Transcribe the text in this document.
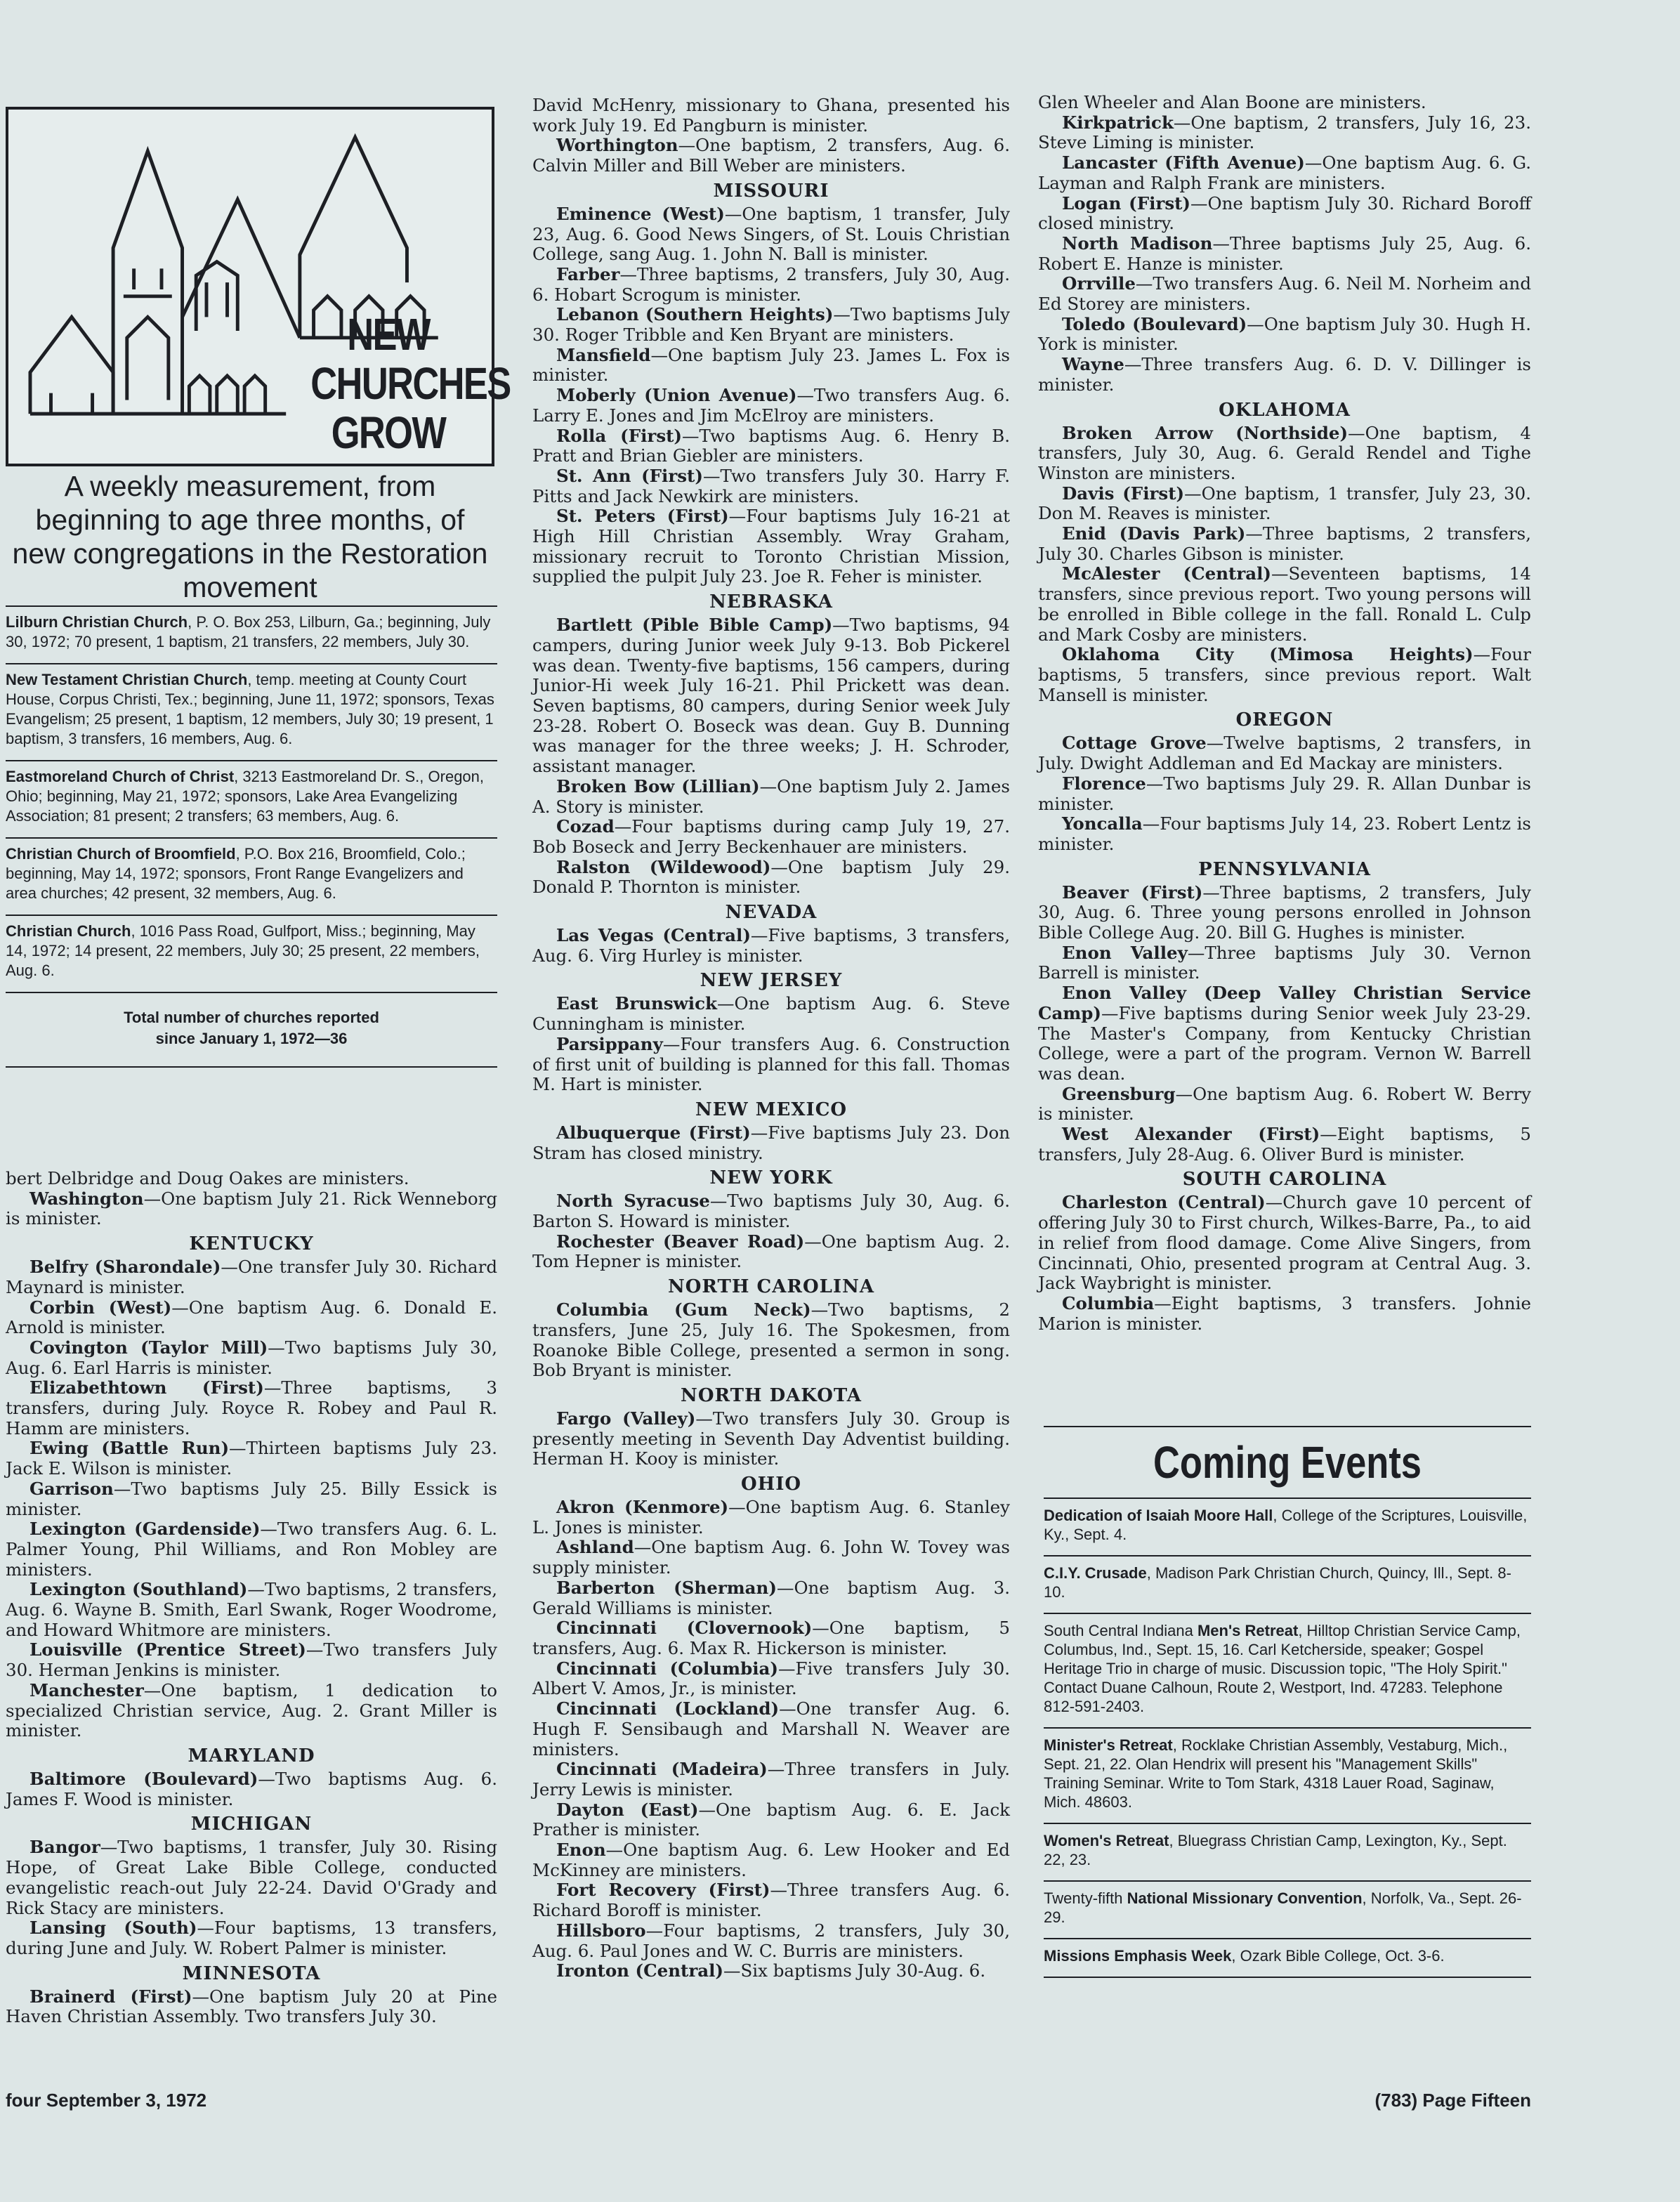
NEW
CHURCHES
GROW
A weekly measurement, from beginning to age three months, of new congregations in the Restoration movement
Lilburn Christian Church, P. O. Box 253, Lilburn, Ga.; beginning, July 30, 1972; 70 present, 1 baptism, 21 transfers, 22 members, July 30.
New Testament Christian Church, temp. meeting at County Court House, Corpus Christi, Tex.; beginning, June 11, 1972; sponsors, Texas Evangelism; 25 present, 1 baptism, 12 members, July 30; 19 present, 1 baptism, 3 transfers, 16 members, Aug. 6.
Eastmoreland Church of Christ, 3213 Eastmoreland Dr. S., Oregon, Ohio; beginning, May 21, 1972; sponsors, Lake Area Evangelizing Association; 81 present; 2 transfers; 63 members, Aug. 6.
Christian Church of Broomfield, P.O. Box 216, Broomfield, Colo.; beginning, May 14, 1972; sponsors, Front Range Evangelizers and area churches; 42 present, 32 members, Aug. 6.
Christian Church, 1016 Pass Road, Gulfport, Miss.; beginning, May 14, 1972; 14 present, 22 members, July 30; 25 present, 22 members, Aug. 6.
Total number of churches reported
since January 1, 1972—36

bert Delbridge and Doug Oakes are ministers.

Washington—One baptism July 21. Rick Wenneborg is minister.

KENTUCKY

Belfry (Sharondale)—One transfer July 30. Richard Maynard is minister.

Corbin (West)—One baptism Aug. 6. Donald E. Arnold is minister.

Covington (Taylor Mill)—Two baptisms July 30, Aug. 6. Earl Harris is minister.

Elizabethtown (First)—Three baptisms, 3 transfers, during July. Royce R. Robey and Paul R. Hamm are ministers.

Ewing (Battle Run)—Thirteen baptisms July 23. Jack E. Wilson is minister.

Garrison—Two baptisms July 25. Billy Essick is minister.

Lexington (Gardenside)—Two transfers Aug. 6. L. Palmer Young, Phil Williams, and Ron Mobley are ministers.

Lexington (Southland)—Two baptisms, 2 transfers, Aug. 6. Wayne B. Smith, Earl Swank, Roger Woodrome, and Howard Whitmore are ministers.

Louisville (Prentice Street)—Two transfers July 30. Herman Jenkins is minister.

Manchester—One baptism, 1 dedication to specialized Christian service, Aug. 2. Grant Miller is minister.

MARYLAND

Baltimore (Boulevard)—Two baptisms Aug. 6. James F. Wood is minister.

MICHIGAN

Bangor—Two baptisms, 1 transfer, July 30. Rising Hope, of Great Lake Bible College, conducted evangelistic reach-out July 22-24. David O'Grady and Rick Stacy are ministers.

Lansing (South)—Four baptisms, 13 transfers, during June and July. W. Robert Palmer is minister.

MINNESOTA

Brainerd (First)—One baptism July 20 at Pine Haven Christian Assembly. Two transfers July 30.

David McHenry, missionary to Ghana, presented his work July 19. Ed Pangburn is minister.

Worthington—One baptism, 2 transfers, Aug. 6. Calvin Miller and Bill Weber are ministers.

MISSOURI

Eminence (West)—One baptism, 1 transfer, July 23, Aug. 6. Good News Singers, of St. Louis Christian College, sang Aug. 1. John N. Ball is minister.

Farber—Three baptisms, 2 transfers, July 30, Aug. 6. Hobart Scrogum is minister.

Lebanon (Southern Heights)—Two baptisms July 30. Roger Tribble and Ken Bryant are ministers.

Mansfield—One baptism July 23. James L. Fox is minister.

Moberly (Union Avenue)—Two transfers Aug. 6. Larry E. Jones and Jim McElroy are ministers.

Rolla (First)—Two baptisms Aug. 6. Henry B. Pratt and Brian Giebler are ministers.

St. Ann (First)—Two transfers July 30. Harry F. Pitts and Jack Newkirk are ministers.

St. Peters (First)—Four baptisms July 16-21 at High Hill Christian Assembly. Wray Graham, missionary recruit to Toronto Christian Mission, supplied the pulpit July 23. Joe R. Feher is minister.

NEBRASKA

Bartlett (Pible Bible Camp)—Two baptisms, 94 campers, during Junior week July 9-13. Bob Pickerel was dean. Twenty-five baptisms, 156 campers, during Junior-Hi week July 16-21. Phil Prickett was dean. Seven baptisms, 80 campers, during Senior week July 23-28. Robert O. Boseck was dean. Guy B. Dunning was manager for the three weeks; J. H. Schroder, assistant manager.

Broken Bow (Lillian)—One baptism July 2. James A. Story is minister.

Cozad—Four baptisms during camp July 19, 27. Bob Boseck and Jerry Beckenhauer are ministers.

Ralston (Wildewood)—One baptism July 29. Donald P. Thornton is minister.

NEVADA

Las Vegas (Central)—Five baptisms, 3 transfers, Aug. 6. Virg Hurley is minister.

NEW JERSEY

East Brunswick—One baptism Aug. 6. Steve Cunningham is minister.

Parsippany—Four transfers Aug. 6. Construction of first unit of building is planned for this fall. Thomas M. Hart is minister.

NEW MEXICO

Albuquerque (First)—Five baptisms July 23. Don Stram has closed ministry.

NEW YORK

North Syracuse—Two baptisms July 30, Aug. 6. Barton S. Howard is minister.

Rochester (Beaver Road)—One baptism Aug. 2. Tom Hepner is minister.

NORTH CAROLINA

Columbia (Gum Neck)—Two baptisms, 2 transfers, June 25, July 16. The Spokesmen, from Roanoke Bible College, presented a sermon in song. Bob Bryant is minister.

NORTH DAKOTA

Fargo (Valley)—Two transfers July 30. Group is presently meeting in Seventh Day Adventist building. Herman H. Kooy is minister.

OHIO

Akron (Kenmore)—One baptism Aug. 6. Stanley L. Jones is minister.

Ashland—One baptism Aug. 6. John W. Tovey was supply minister.

Barberton (Sherman)—One baptism Aug. 3. Gerald Williams is minister.

Cincinnati (Clovernook)—One baptism, 5 transfers, Aug. 6. Max R. Hickerson is minister.

Cincinnati (Columbia)—Five transfers July 30. Albert V. Amos, Jr., is minister.

Cincinnati (Lockland)—One transfer Aug. 6. Hugh F. Sensibaugh and Marshall N. Weaver are ministers.

Cincinnati (Madeira)—Three transfers in July. Jerry Lewis is minister.

Dayton (East)—One baptism Aug. 6. E. Jack Prather is minister.

Enon—One baptism Aug. 6. Lew Hooker and Ed McKinney are ministers.

Fort Recovery (First)—Three transfers Aug. 6. Richard Boroff is minister.

Hillsboro—Four baptisms, 2 transfers, July 30, Aug. 6. Paul Jones and W. C. Burris are ministers.

Ironton (Central)—Six baptisms July 30-Aug. 6.

Glen Wheeler and Alan Boone are ministers.

Kirkpatrick—One baptism, 2 transfers, July 16, 23. Steve Liming is minister.

Lancaster (Fifth Avenue)—One baptism Aug. 6. G. Layman and Ralph Frank are ministers.

Logan (First)—One baptism July 30. Richard Boroff closed ministry.

North Madison—Three baptisms July 25, Aug. 6. Robert E. Hanze is minister.

Orrville—Two transfers Aug. 6. Neil M. Norheim and Ed Storey are ministers.

Toledo (Boulevard)—One baptism July 30. Hugh H. York is minister.

Wayne—Three transfers Aug. 6. D. V. Dillinger is minister.

OKLAHOMA

Broken Arrow (Northside)—One baptism, 4 transfers, July 30, Aug. 6. Gerald Rendel and Tighe Winston are ministers.

Davis (First)—One baptism, 1 transfer, July 23, 30. Don M. Reaves is minister.

Enid (Davis Park)—Three baptisms, 2 transfers, July 30. Charles Gibson is minister.

McAlester (Central)—Seventeen baptisms, 14 transfers, since previous report. Two young persons will be enrolled in Bible college in the fall. Ronald L. Culp and Mark Cosby are ministers.

Oklahoma City (Mimosa Heights)—Four baptisms, 5 transfers, since previous report. Walt Mansell is minister.

OREGON

Cottage Grove—Twelve baptisms, 2 transfers, in July. Dwight Addleman and Ed Mackay are ministers.

Florence—Two baptisms July 29. R. Allan Dunbar is minister.

Yoncalla—Four baptisms July 14, 23. Robert Lentz is minister.

PENNSYLVANIA

Beaver (First)—Three baptisms, 2 transfers, July 30, Aug. 6. Three young persons enrolled in Johnson Bible College Aug. 20. Bill G. Hughes is minister.

Enon Valley—Three baptisms July 30. Vernon Barrell is minister.

Enon Valley (Deep Valley Christian Service Camp)—Five baptisms during Senior week July 23-29. The Master's Company, from Kentucky Christian College, were a part of the program. Vernon W. Barrell was dean.

Greensburg—One baptism Aug. 6. Robert W. Berry is minister.

West Alexander (First)—Eight baptisms, 5 transfers, July 28-Aug. 6. Oliver Burd is minister.

SOUTH CAROLINA

Charleston (Central)—Church gave 10 percent of offering July 30 to First church, Wilkes-Barre, Pa., to aid in relief from flood damage. Come Alive Singers, from Cincinnati, Ohio, presented program at Central Aug. 3. Jack Waybright is minister.

Columbia—Eight baptisms, 3 transfers. Johnie Marion is minister.

Coming Events
Dedication of Isaiah Moore Hall, College of the Scriptures, Louisville, Ky., Sept. 4.
C.I.Y. Crusade, Madison Park Christian Church, Quincy, Ill., Sept. 8-10.
South Central Indiana Men's Retreat, Hilltop Christian Service Camp, Columbus, Ind., Sept. 15, 16. Carl Ketcherside, speaker; Gospel Heritage Trio in charge of music. Discussion topic, "The Holy Spirit." Contact Duane Calhoun, Route 2, Westport, Ind. 47283. Telephone 812-591-2403.
Minister's Retreat, Rocklake Christian Assembly, Vestaburg, Mich., Sept. 21, 22. Olan Hendrix will present his "Management Skills" Training Seminar. Write to Tom Stark, 4318 Lauer Road, Saginaw, Mich. 48603.
Women's Retreat, Bluegrass Christian Camp, Lexington, Ky., Sept. 22, 23.
Twenty-fifth National Missionary Convention, Norfolk, Va., Sept. 26-29.
Missions Emphasis Week, Ozark Bible College, Oct. 3-6.
four September 3, 1972	(783) Page Fifteen
